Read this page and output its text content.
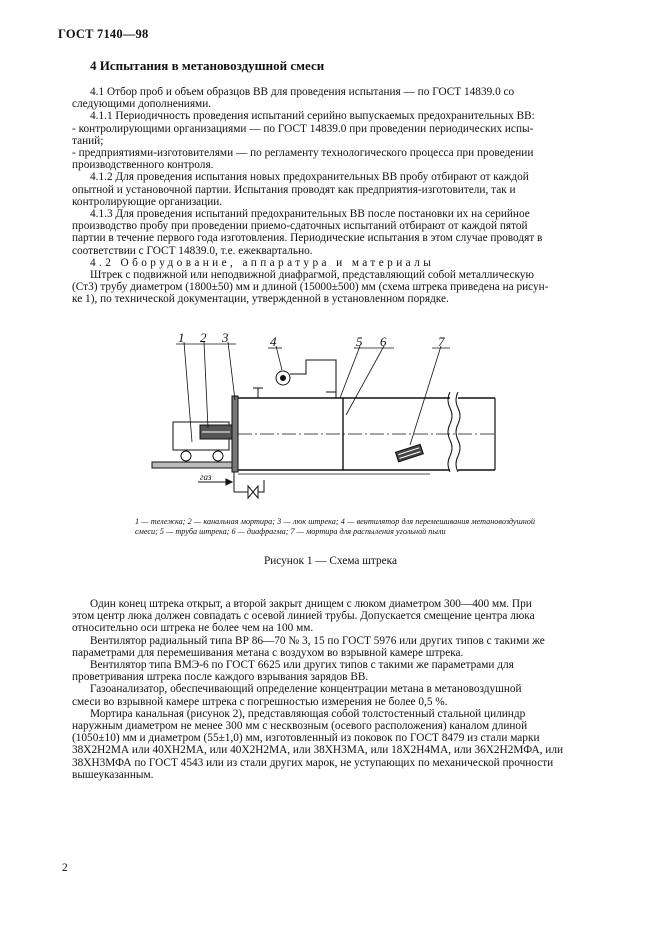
ГОСТ 7140—98
4 Испытания в метановоздушной смеси
4.1 Отбор проб и объем образцов ВВ для проведения испытания — по ГОСТ 14839.0 со
следующими дополнениями.
4.1.1 Периодичность проведения испытаний серийно выпускаемых предохранительных ВВ:
- контролирующими организациями — по ГОСТ 14839.0 при проведении периодических испы-
таний;
- предприятиями-изготовителями — по регламенту технологического процесса при проведении
производственного контроля.
4.1.2 Для проведения испытания новых предохранительных ВВ пробу отбирают от каждой
опытной и установочной партии. Испытания проводят как предприятия-изготовители, так и
контролирующие организации.
4.1.3 Для проведения испытаний предохранительных ВВ после постановки их на серийное
производство пробу при проведении приемо-сдаточных испытаний отбирают от каждой пятой
партии в течение первого года изготовления. Периодические испытания в этом случае проводят в
соответствии с ГОСТ 14839.0, т.е. ежеквартально.
4.2 Оборудование, аппаратура и материалы
Штрек с подвижной или неподвижной диафрагмой, представляющий собой металлическую
(Ст3) трубу диаметром (1800±50) мм и длиной (15000±500) мм (схема штрека приведена на рисун-
ке 1), по технической документации, утвержденной в установленном порядке.
1 2 3	4	5 6	7
газ
1 — тележка; 2 — канальная мортира; 3 — люк штрека; 4 — вентилятор для перемешивания метановоздушной смеси; 5 — труба штрека; 6 — диафрагма; 7 — мортира для распыления угольной пыли
Рисунок 1 — Схема штрека
Один конец штрека открыт, а второй закрыт днищем с люком диаметром 300—400 мм. При
этом центр люка должен совпадать с осевой линией трубы. Допускается смещение центра люка
относительно оси штрека не более чем на 100 мм.
Вентилятор радиальный типа ВР 86—70 № 3, 15 по ГОСТ 5976 или других типов с такими же
параметрами для перемешивания метана с воздухом во взрывной камере штрека.
Вентилятор типа ВМЭ-6 по ГОСТ 6625 или других типов с такими же параметрами для
проветривания штрека после каждого взрывания зарядов ВВ.
Газоанализатор, обеспечивающий определение концентрации метана в метановоздушной
смеси во взрывной камере штрека с погрешностью измерения не более 0,5 %.
Мортира канальная (рисунок 2), представляющая собой толстостенный стальной цилиндр
наружным диаметром не менее 300 мм с несквозным (осевого расположения) каналом длиной
(1050±10) мм и диаметром (55±1,0) мм, изготовленный из поковок по ГОСТ 8479 из стали марки
38Х2Н2МА или 40ХН2МА, или 40Х2Н2МА, или 38ХН3МА, или 18Х2Н4МА, или 36Х2Н2МФА, или
38ХН3МФА по ГОСТ 4543 или из стали других марок, не уступающих по механической прочности
вышеуказанным.
2
